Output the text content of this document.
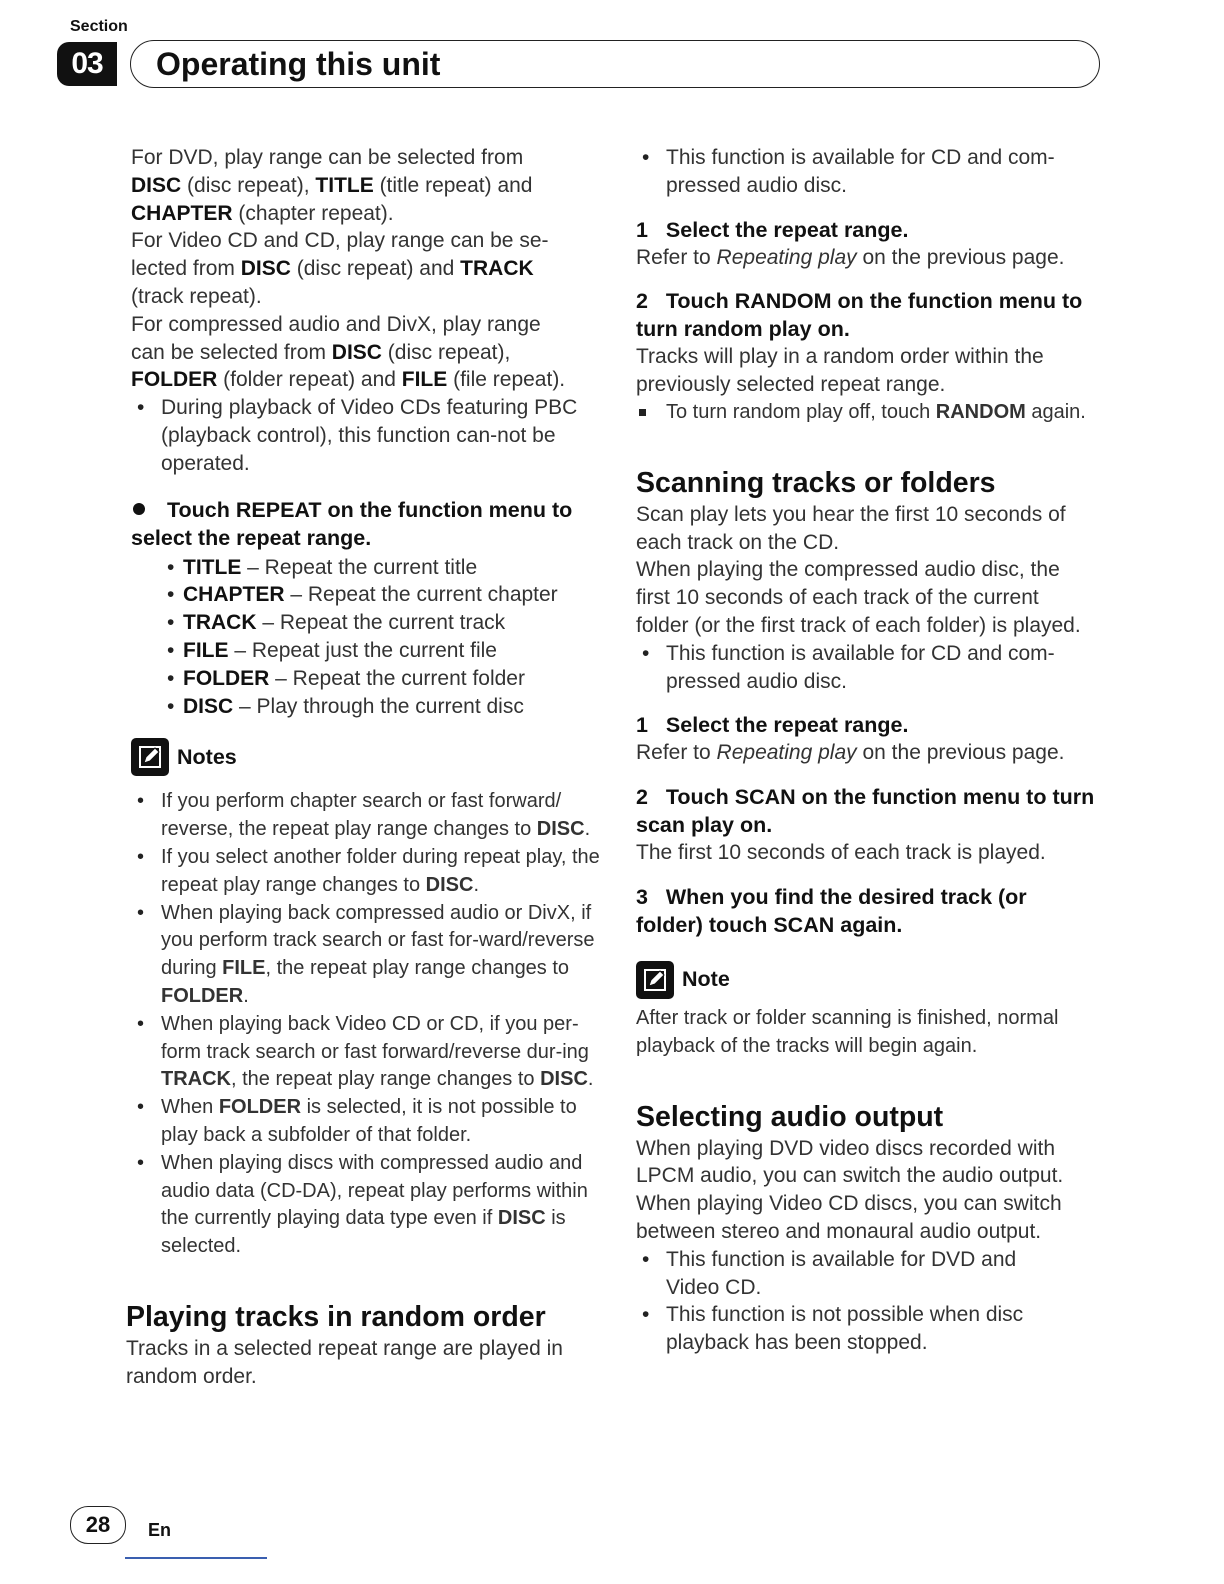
Section
03	Operating this unit

For DVD, play range can be selected from
DISC (disc repeat), TITLE (title repeat) and
CHAPTER (chapter repeat).
For Video CD and CD, play range can be se-
lected from DISC (disc repeat) and TRACK
(track repeat).
For compressed audio and DivX, play range
can be selected from DISC (disc repeat),
FOLDER (folder repeat) and FILE (file repeat).

• During playback of Video CDs featuring PBC (playback control), this function can-not be operated.

Touch REPEAT on the function menu to select the repeat range.

• TITLE – Repeat the current title

• CHAPTER – Repeat the current chapter

• TRACK – Repeat the current track

• FILE – Repeat just the current file

• FOLDER – Repeat the current folder

• DISC – Play through the current disc

Notes

• If you perform chapter search or fast forward/ reverse, the repeat play range changes to DISC.

• If you select another folder during repeat play, the repeat play range changes to DISC.

• When playing back compressed audio or DivX, if you perform track search or fast for-ward/reverse during FILE, the repeat play range changes to FOLDER.

• When playing back Video CD or CD, if you per-form track search or fast forward/reverse dur-ing TRACK, the repeat play range changes to DISC.

• When FOLDER is selected, it is not possible to play back a subfolder of that folder.

• When playing discs with compressed audio and audio data (CD-DA), repeat play performs within the currently playing data type even if DISC is selected.

Playing tracks in random order

Tracks in a selected repeat range are played in random order.

• This function is available for CD and com-pressed audio disc.

1 Select the repeat range.

Refer to Repeating play on the previous page.

2 Touch RANDOM on the function menu to turn random play on.

Tracks will play in a random order within the previously selected repeat range.

To turn random play off, touch RANDOM again.

Scanning tracks or folders

Scan play lets you hear the first 10 seconds of each track on the CD.

When playing the compressed audio disc, the first 10 seconds of each track of the current folder (or the first track of each folder) is played.

• This function is available for CD and com-pressed audio disc.

1 Select the repeat range.

Refer to Repeating play on the previous page.

2 Touch SCAN on the function menu to turn scan play on.

The first 10 seconds of each track is played.

3 When you find the desired track (or folder) touch SCAN again.

Note

After track or folder scanning is finished, normal playback of the tracks will begin again.

Selecting audio output

When playing DVD video discs recorded with LPCM audio, you can switch the audio output.

When playing Video CD discs, you can switch between stereo and monaural audio output.

• This function is available for DVD and Video CD.

• This function is not possible when disc playback has been stopped.

28	En
